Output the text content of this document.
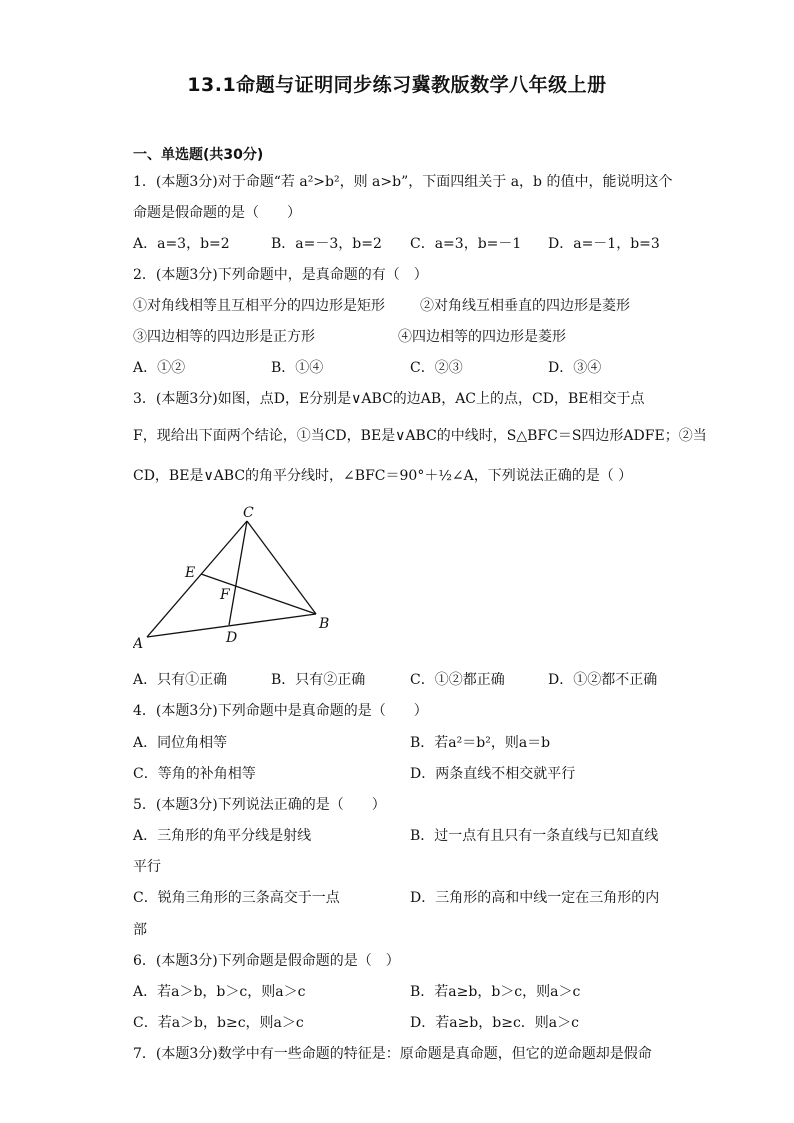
13.1命题与证明同步练习冀教版数学八年级上册
一、单选题(共30分)
1．(本题3分)对于命题“若 a²>b²，则 a>b”，下面四组关于 a，b 的值中，能说明这个
命题是假命题的是（　　）
A．a=3，b=2	B．a=－3，b=2 C．a=3，b=－1 D．a=－1，b=3
2．(本题3分)下列命题中，是真命题的有（　）
①对角线相等且互相平分的四边形是矩形	②对角线互相垂直的四边形是菱形
③四边相等的四边形是正方形	④四边相等的四边形是菱形
A．①②	B．①④	C．②③	D．③④
3．(本题3分)如图，点D，E分别是∨ABC的边AB，AC上的点，CD，BE相交于点
F，现给出下面两个结论，①当CD，BE是∨ABC的中线时，S△BFC＝S四边形ADFE；②当
CD，BE是∨ABC的角平分线时，∠BFC＝90°＋½∠A，下列说法正确的是（ ）
C
E
F
A	D
B
A．只有①正确	B．只有②正确	C．①②都正确	D．①②都不正确
4．(本题3分)下列命题中是真命题的是（　　）
A．同位角相等	B．若a²＝b²，则a＝b
C．等角的补角相等	D．两条直线不相交就平行
5．(本题3分)下列说法正确的是（　　）
A．三角形的角平分线是射线	B．过一点有且只有一条直线与已知直线
平行
C．锐角三角形的三条高交于一点	D．三角形的高和中线一定在三角形的内
部
6．(本题3分)下列命题是假命题的是（　）
A．若a＞b，b＞c，则a＞c	B．若a≥b，b＞c，则a＞c
C．若a＞b，b≥c，则a＞c	D．若a≥b，b≥c．则a＞c
7．(本题3分)数学中有一些命题的特征是：原命题是真命题，但它的逆命题却是假命
